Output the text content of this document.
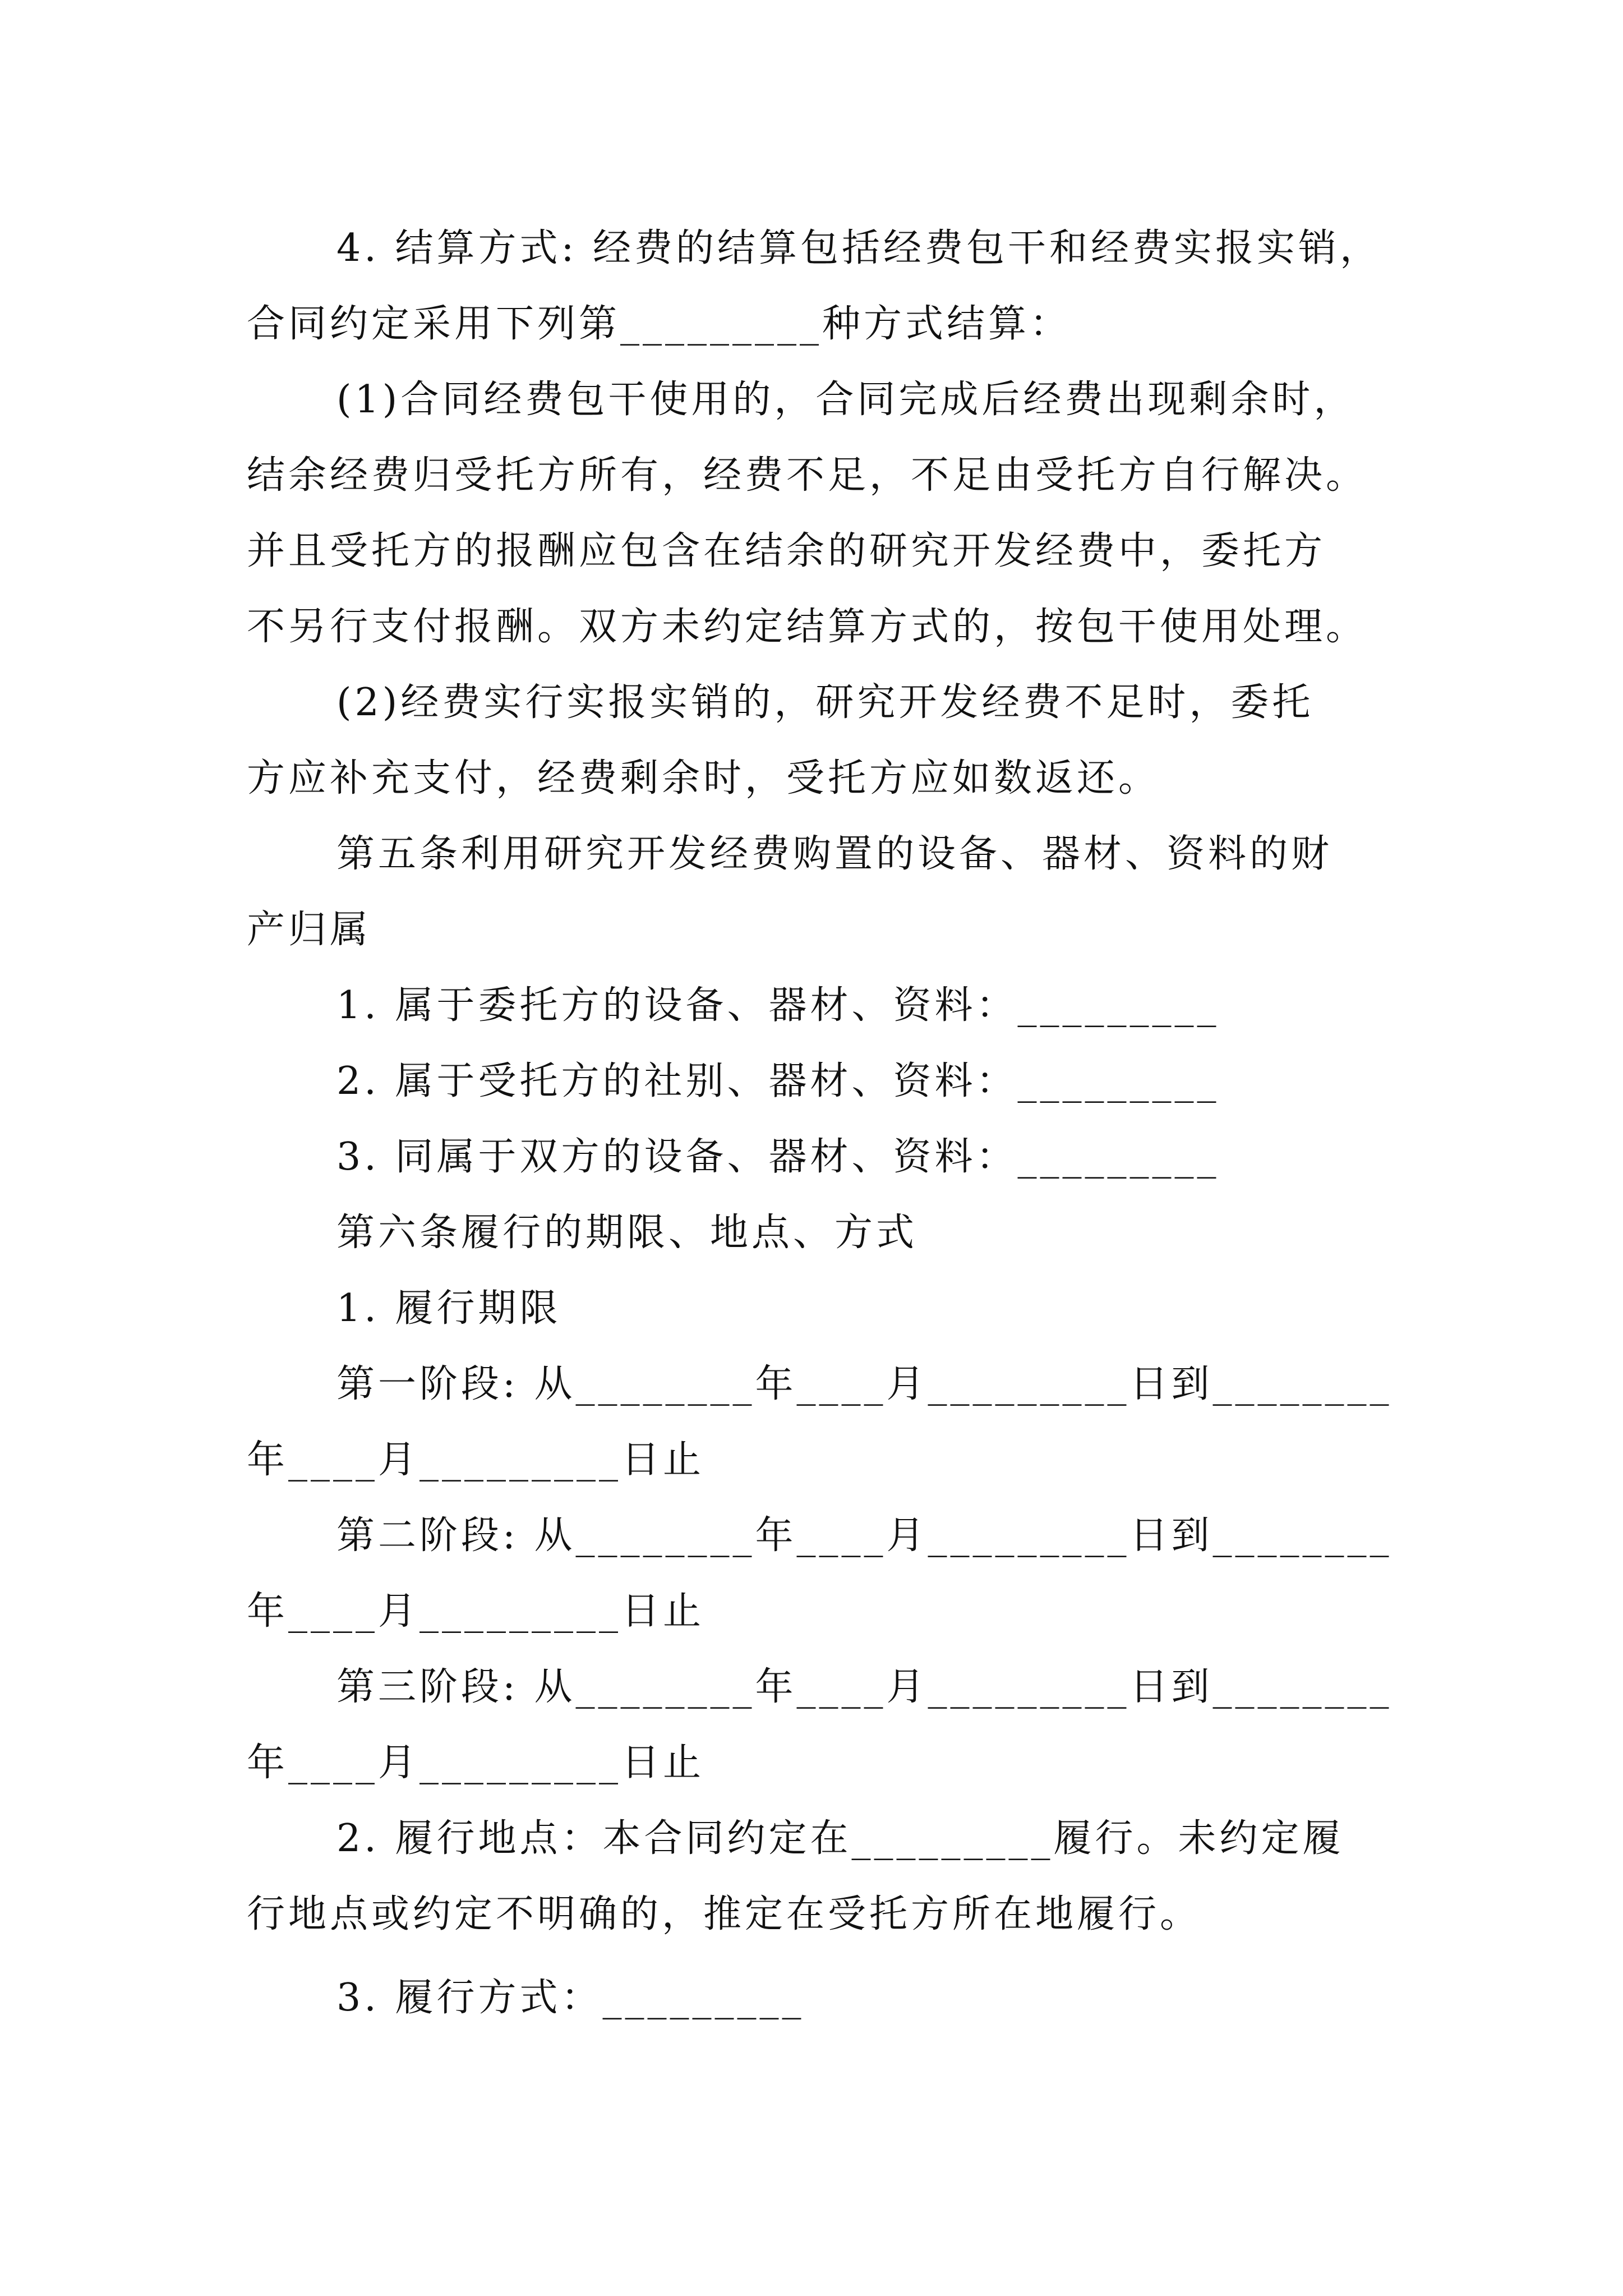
4. 结算方式: 经费的结算包括经费包干和经费实报实销，
合同约定采用下列第_________种方式结算：
(1)合同经费包干使用的，合同完成后经费出现剩余时，
结余经费归受托方所有，经费不足，不足由受托方自行解决。
并且受托方的报酬应包含在结余的研究开发经费中，委托方
不另行支付报酬。双方未约定结算方式的，按包干使用处理。
(2)经费实行实报实销的，研究开发经费不足时，委托
方应补充支付，经费剩余时，受托方应如数返还。
第五条利用研究开发经费购置的设备、器材、资料的财
产归属
1. 属于委托方的设备、器材、资料：_________
2. 属于受托方的社别、器材、资料：_________
3. 同属于双方的设备、器材、资料：_________
第六条履行的期限、地点、方式
1. 履行期限
第一阶段: 从________年____月_________日到________
年____月_________日止
第二阶段: 从________年____月_________日到________
年____月_________日止
第三阶段: 从________年____月_________日到________
年____月_________日止
2. 履行地点：本合同约定在_________履行。未约定履
行地点或约定不明确的，推定在受托方所在地履行。
3. 履行方式：_________
